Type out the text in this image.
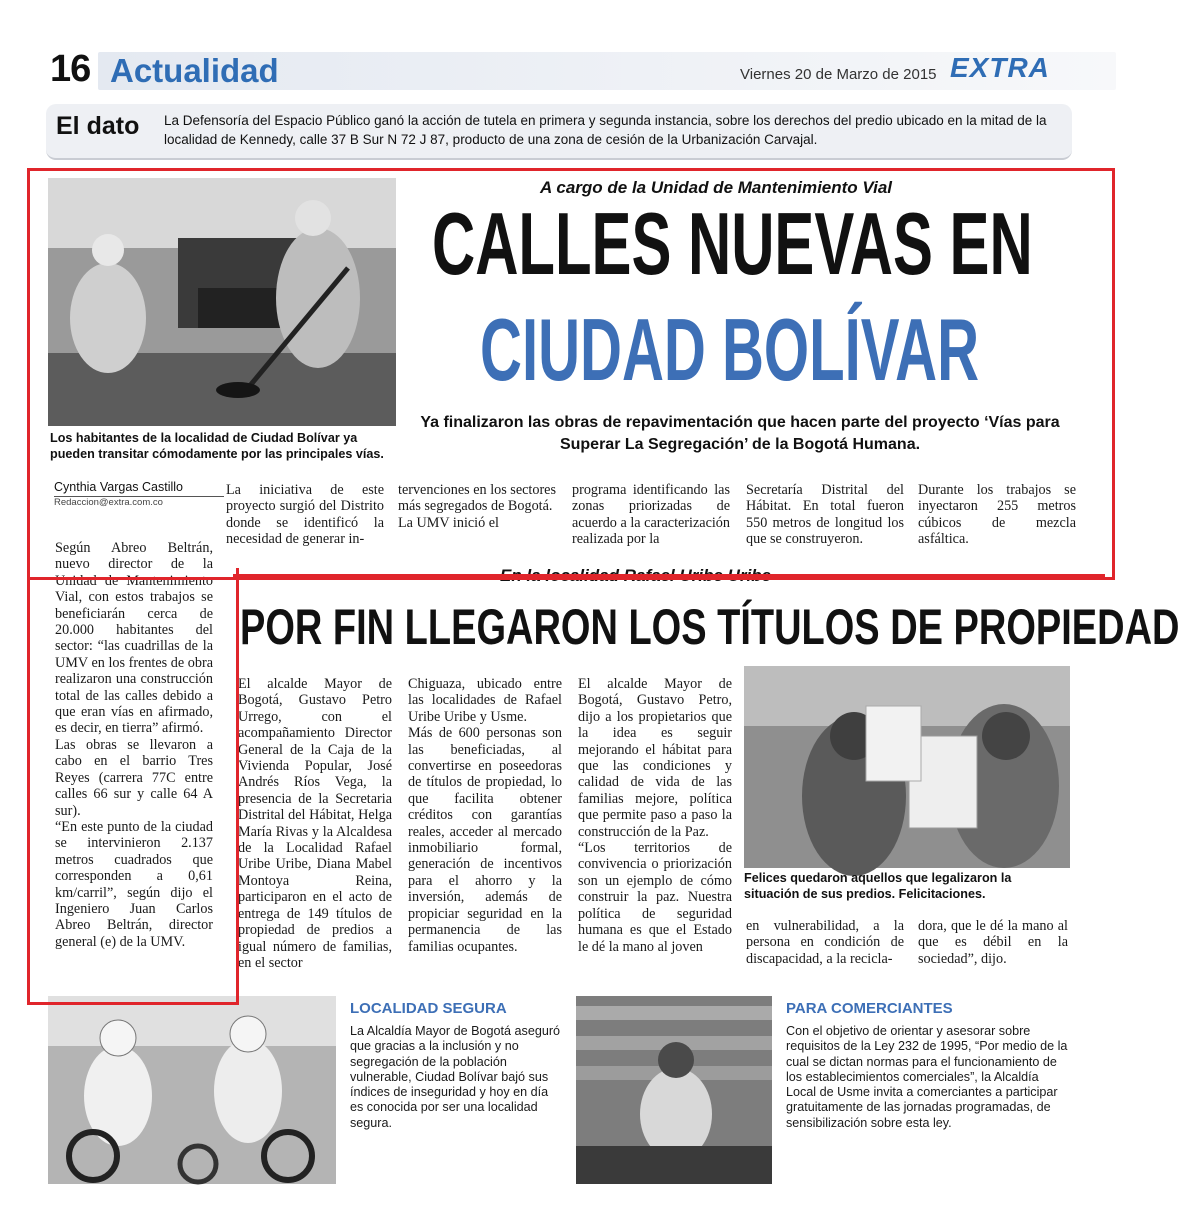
16 Actualidad	Viernes 20 de Marzo de 2015 EXTRA
El dato La Defensoría del Espacio Público ganó la acción de tutela en primera y segunda instancia, sobre los derechos del predio ubicado en la mitad de la localidad de Kennedy, calle 37 B Sur N 72 J 87, producto de una zona de cesión de la Urbanización Carvajal.
Los habitantes de la localidad de Ciudad Bolívar ya pueden transitar cómodamente por las principales vías.
A cargo de la Unidad de Mantenimiento Vial
CALLES NUEVAS EN
CIUDAD BOLÍVAR
Ya finalizaron las obras de repavimentación que hacen parte del proyecto ‘Vías para Superar La Segregación’ de la Bogotá Humana.
Cynthia Vargas Castillo
Redaccion@extra.com.co
Según Abreo Beltrán, nuevo director de la Unidad de Mantenimiento Vial, con estos trabajos se beneficiarán cerca de 20.000 habitantes del sector: “las cuadrillas de la UMV en los frentes de obra realizaron una construcción total de las calles debido a que eran vías en afirmado, es decir, en tierra” afirmó.
Las obras se llevaron a cabo en el barrio Tres Reyes (carrera 77C entre calles 66 sur y calle 64 A sur).
“En este punto de la ciudad se intervinieron 2.137 metros cuadrados que corresponden a 0,61 km/carril”, según dijo el Ingeniero Juan Carlos Abreo Beltrán, director general (e) de la UMV.
La iniciativa de este proyecto surgió del Distrito donde se identificó la necesidad de generar in-
tervenciones en los sectores más segregados de Bogotá.
La UMV inició el
programa identificando las zonas priorizadas de acuerdo a la caracterización realizada por la
Secretaría Distrital del Hábitat. En total fueron 550 metros de longitud los que se construyeron.
Durante los trabajos se inyectaron 255 metros cúbicos de mezcla asfáltica.
En la localidad Rafael Uribe Uribe
POR FIN LLEGARON LOS TÍTULOS DE PROPIEDAD
El alcalde Mayor de Bogotá, Gustavo Petro Urrego, con el acompañamiento Director General de la Caja de la Vivienda Popular, José Andrés Ríos Vega, la presencia de la Secretaria Distrital del Hábitat, Helga María Rivas y la Alcaldesa de la Localidad Rafael Uribe Uribe, Diana Mabel Montoya Reina, participaron en el acto de entrega de 149 títulos de propiedad de predios a igual número de familias, en el sector
Chiguaza, ubicado entre las localidades de Rafael Uribe Uribe y Usme.
Más de 600 personas son las beneficiadas, al convertirse en poseedoras de títulos de propiedad, lo que facilita obtener créditos con garantías reales, acceder al mercado inmobiliario formal, generación de incentivos para el ahorro y la inversión, además de propiciar seguridad en la permanencia de las familias ocupantes.
El alcalde Mayor de Bogotá, Gustavo Petro, dijo a los propietarios que la idea es seguir mejorando el hábitat para que las condiciones y calidad de vida de las familias mejore, política que permite paso a paso la construcción de la Paz.
“Los territorios de convivencia o priorización son un ejemplo de cómo construir la paz. Nuestra política de seguridad humana es que el Estado le dé la mano al joven
Felices quedaron aquellos que legalizaron la situación de sus predios. Felicitaciones.
en vulnerabilidad, a la persona en condición de discapacidad, a la recicla-
dora, que le dé la mano al que es débil en la sociedad”, dijo.
LOCALIDAD SEGURA
La Alcaldía Mayor de Bogotá aseguró que gracias a la inclusión y no segregación de la población vulnerable, Ciudad Bolívar bajó sus índices de inseguridad y hoy en día es conocida por ser una localidad segura.
PARA COMERCIANTES
Con el objetivo de orientar y asesorar sobre requisitos de la Ley 232 de 1995, “Por medio de la cual se dictan normas para el funcionamiento de los establecimientos comerciales”, la Alcaldía Local de Usme invita a comerciantes a participar gratuitamente de las jornadas programadas, de sensibilización sobre esta ley.
